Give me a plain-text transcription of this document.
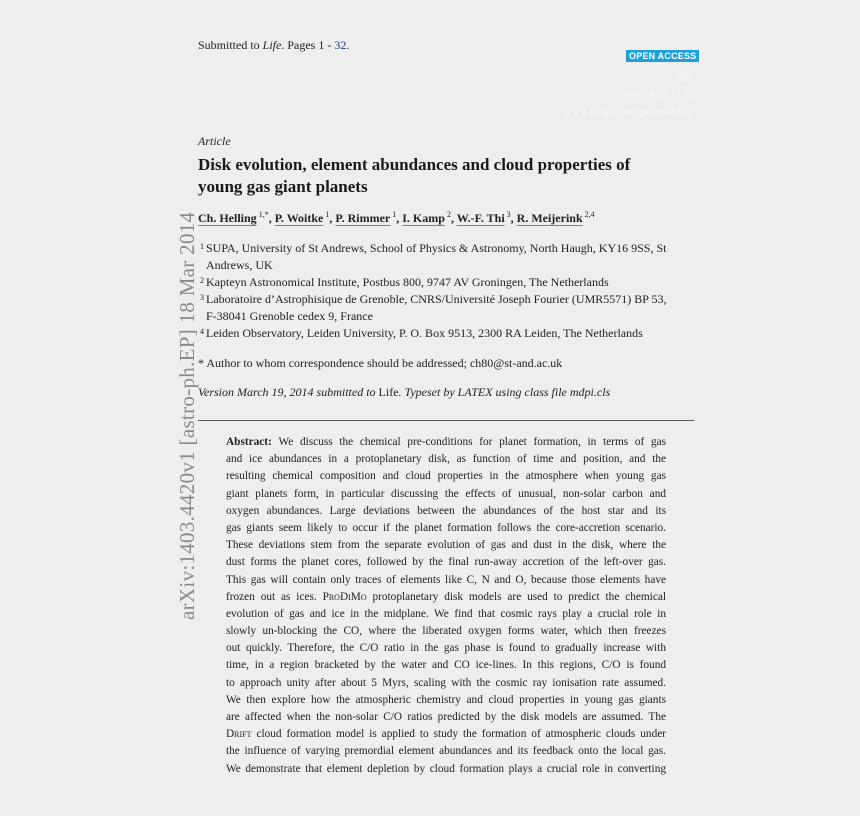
Submitted to Life. Pages 1 - 32.
OPEN ACCESS
life
ISSN 2075-1729
www.mdpi.com/journal/life
arXiv:1403.4420v1 [astro-ph.EP] 18 Mar 2014
Article
Disk evolution, element abundances and cloud properties of young gas giant planets
Ch. Helling $^{1,*}$, P. Woitke $^1$, P. Rimmer $^1$, I. Kamp $^2$, W.-F. Thi $^3$, R. Meijerink $^{2,4}$
1 SUPA, University of St Andrews, School of Physics & Astronomy, North Haugh, KY16 9SS, St
Andrews, UK
2 Kapteyn Astronomical Institute, Postbus 800, 9747 AV Groningen, The Netherlands
3 Laboratoire d’Astrophisique de Grenoble, CNRS/Université Joseph Fourier (UMR5571) BP 53,
F-38041 Grenoble cedex 9, France
4 Leiden Observatory, Leiden University, P. O. Box 9513, 2300 RA Leiden, The Netherlands
* Author to whom correspondence should be addressed; ch80@st-and.ac.uk
Version March 19, 2014 submitted to Life. Typeset by LATEX using class file mdpi.cls
Abstract: We discuss the chemical pre-conditions for planet formation, in terms of gas
and ice abundances in a protoplanetary disk, as function of time and position, and the
resulting chemical composition and cloud properties in the atmosphere when young gas
giant planets form, in particular discussing the effects of unusual, non-solar carbon and
oxygen abundances. Large deviations between the abundances of the host star and its
gas giants seem likely to occur if the planet formation follows the core-accretion scenario.
These deviations stem from the separate evolution of gas and dust in the disk, where the
dust forms the planet cores, followed by the final run-away accretion of the left-over gas.
This gas will contain only traces of elements like C, N and O, because those elements have
frozen out as ices. ProDiMo protoplanetary disk models are used to predict the chemical
evolution of gas and ice in the midplane. We find that cosmic rays play a crucial role in
slowly un-blocking the CO, where the liberated oxygen forms water, which then freezes
out quickly. Therefore, the C/O ratio in the gas phase is found to gradually increase with
time, in a region bracketed by the water and CO ice-lines. In this regions, C/O is found
to approach unity after about 5 Myrs, scaling with the cosmic ray ionisation rate assumed.
We then explore how the atmospheric chemistry and cloud properties in young gas giants
are affected when the non-solar C/O ratios predicted by the disk models are assumed. The
Drift cloud formation model is applied to study the formation of atmospheric clouds under
the influence of varying premordial element abundances and its feedback onto the local gas.
We demonstrate that element depletion by cloud formation plays a crucial role in converting
